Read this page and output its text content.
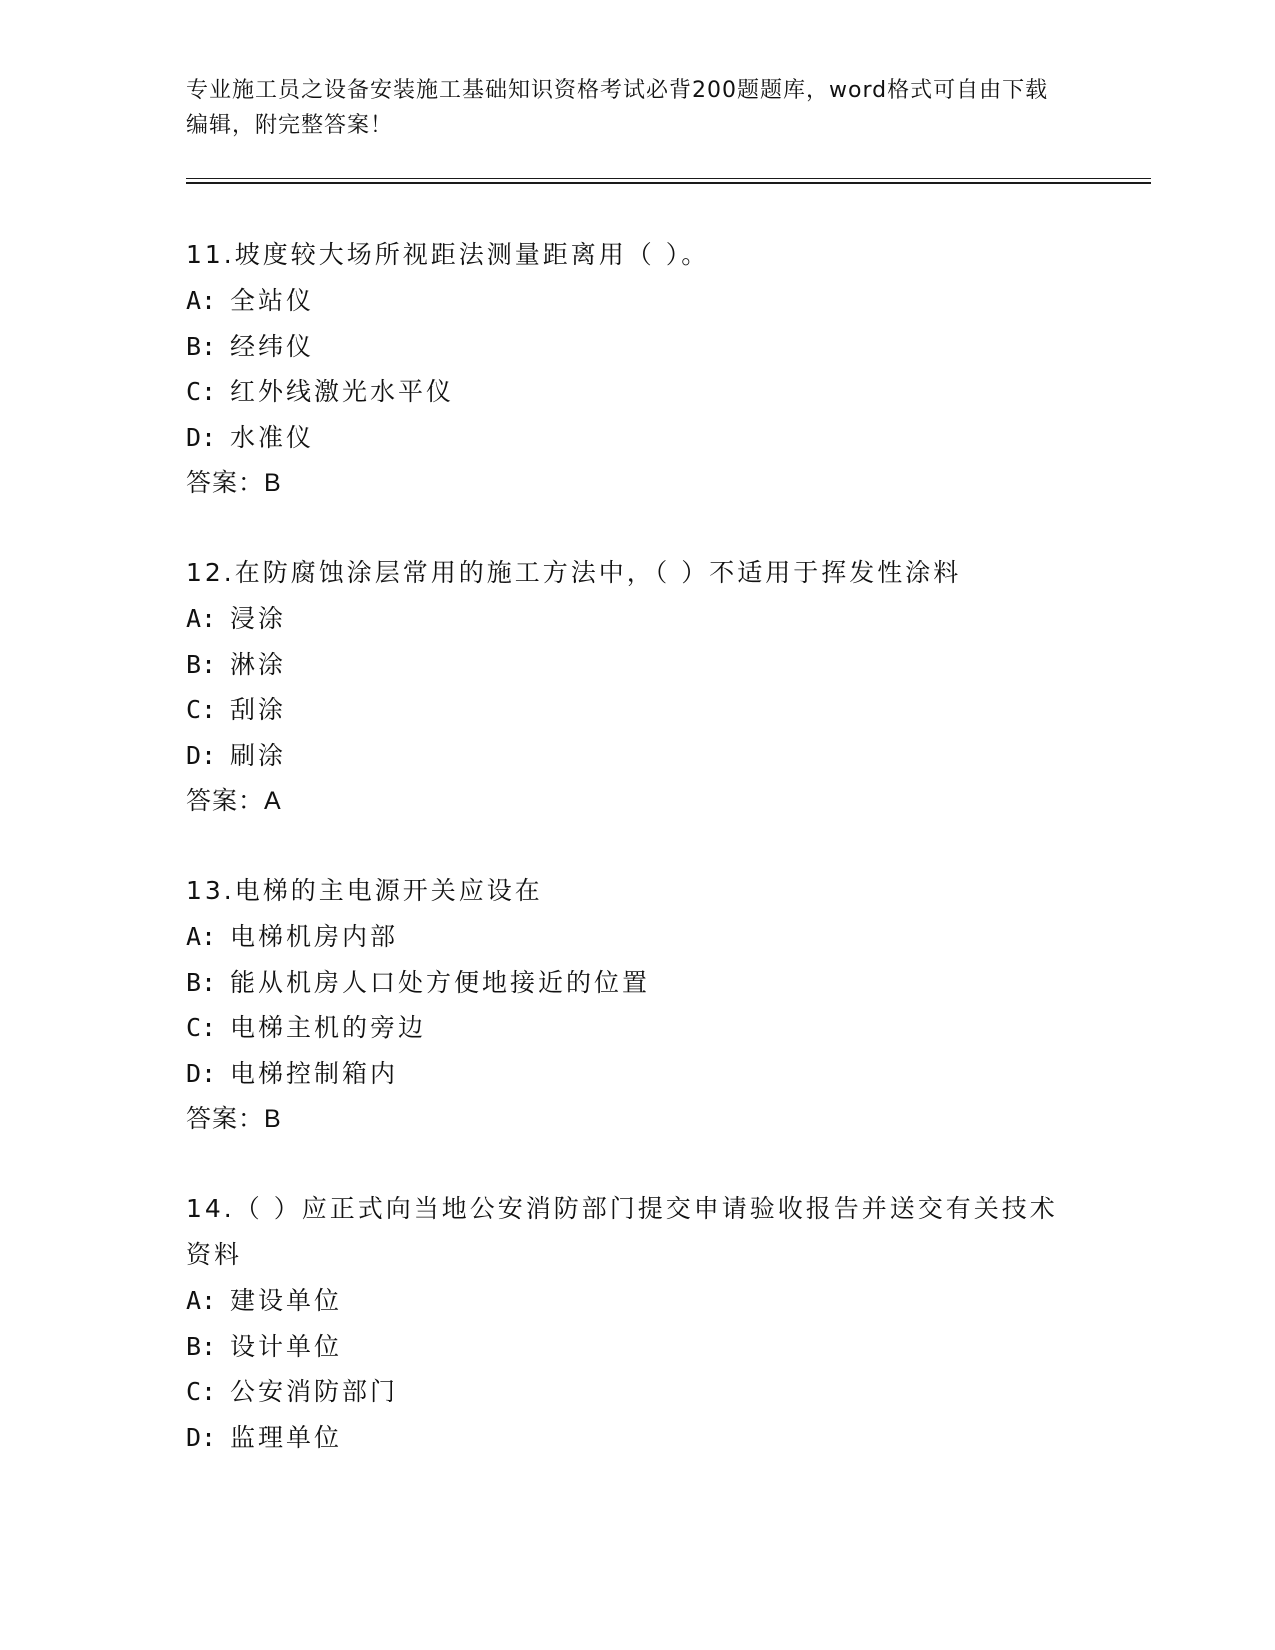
专业施工员之设备安装施工基础知识资格考试必背200题题库，word格式可自由下载编辑，附完整答案！
11.坡度较大场所视距法测量距离用（ ）。
A: 全站仪
B: 经纬仪
C: 红外线激光水平仪
D: 水准仪
答案：B
12.在防腐蚀涂层常用的施工方法中，（ ）不适用于挥发性涂料
A: 浸涂
B: 淋涂
C: 刮涂
D: 刷涂
答案：A
13.电梯的主电源开关应设在
A: 电梯机房内部
B: 能从机房人口处方便地接近的位置
C: 电梯主机的旁边
D: 电梯控制箱内
答案：B
14.（ ）应正式向当地公安消防部门提交申请验收报告并送交有关技术资料
A: 建设单位
B: 设计单位
C: 公安消防部门
D: 监理单位
